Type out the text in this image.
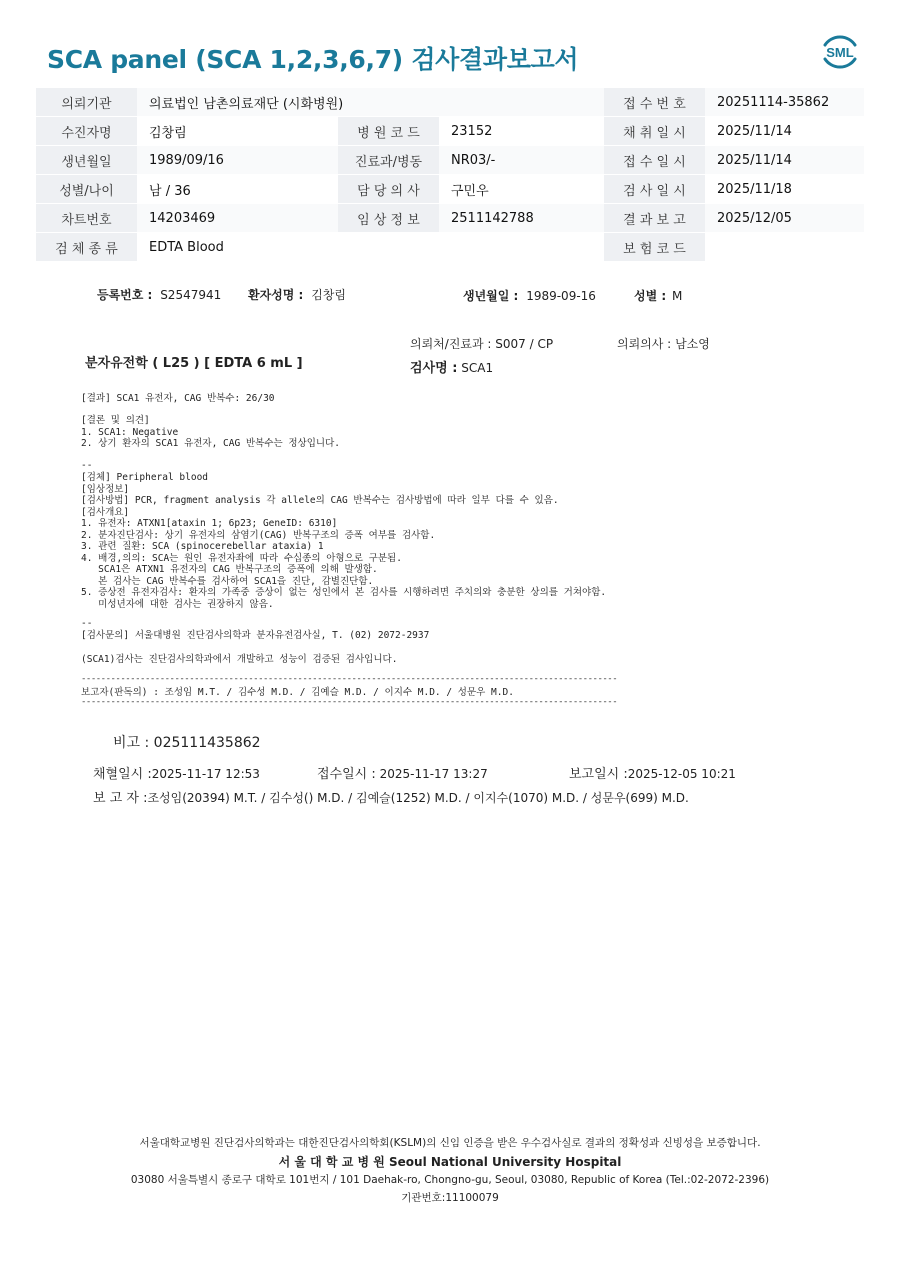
SCA panel (SCA 1,2,3,6,7) 검사결과보고서	SML
의뢰기관	의료법인 남촌의료재단 (시화병원)			접 수 번 호	20251114-35862
수진자명	김창림	병 원 코 드	23152	채 취 일 시	2025/11/14
생년월일	1989/09/16	진료과/병동	NR03/-	접 수 일 시	2025/11/14
성별/나이	남 / 36	담 당 의 사	구민우	검 사 일 시	2025/11/18
차트번호	14203469	임 상 정 보	2511142788	결 과 보 고	2025/12/05
검 체 종 류	EDTA Blood			보 험 코 드	
등록번호 : S2547941 환자성명 : 김창림	생년월일 : 1989-09-16	성별 : M
의뢰처/진료과 : S007 / CP	의뢰의사 : 남소영
분자유전학 ( L25 ) [ EDTA 6 mL ]	검사명 : SCA1
[결과] SCA1 유전자, CAG 반복수: 26/30
[결론 및 의견]
1. SCA1: Negative
2. 상기 환자의 SCA1 유전자, CAG 반복수는 정상입니다.
--
[검체] Peripheral blood
[임상정보]
[검사방법] PCR, fragment analysis 각 allele의 CAG 반복수는 검사방법에 따라 일부 다를 수 있음.
[검사개요]
1. 유전자: ATXN1[ataxin 1; 6p23; GeneID: 6310]
2. 분자진단검사: 상기 유전자의 삼염기(CAG) 반복구조의 증폭 여부를 검사함.
3. 관련 질환: SCA (spinocerebellar ataxia) 1
4. 배경,의의: SCA는 원인 유전자좌에 따라 수십종의 아형으로 구분됨.
SCA1은 ATXN1 유전자의 CAG 반복구조의 증폭에 의해 발생함.
본 검사는 CAG 반복수를 검사하여 SCA1을 진단, 감별진단함.
5. 증상전 유전자검사: 환자의 가족중 증상이 없는 성인에서 본 검사를 시행하려면 주치의와 충분한 상의를 거쳐야함.
미성년자에 대한 검사는 권장하지 않음.
--
[검사문의] 서울대병원 진단검사의학과 분자유전검사실, T. (02) 2072-2937
(SCA1)검사는 진단검사의학과에서 개발하고 성능이 검증된 검사입니다.
-------------------------------------------------------------------------------------------------------------
보고자(판독의) : 조성임 M.T. / 김수성 M.D. / 김예슬 M.D. / 이지수 M.D. / 성문우 M.D.
-------------------------------------------------------------------------------------------------------------
비고 : 025111435862
채혈일시 :2025-11-17 12:53	접수일시 : 2025-11-17 13:27	보고일시 :2025-12-05 10:21
보 고 자 :조성임(20394) M.T. / 김수성() M.D. / 김예슬(1252) M.D. / 이지수(1070) M.D. / 성문우(699) M.D.
서울대학교병원 진단검사의학과는 대한진단검사의학회(KSLM)의 신임 인증을 받은 우수검사실로 결과의 정확성과 신빙성을 보증합니다.
서 울 대 학 교 병 원 Seoul National University Hospital
03080 서울특별시 종로구 대학로 101번지 / 101 Daehak-ro, Chongno-gu, Seoul, 03080, Republic of Korea (Tel.:02-2072-2396)
기관번호:11100079
